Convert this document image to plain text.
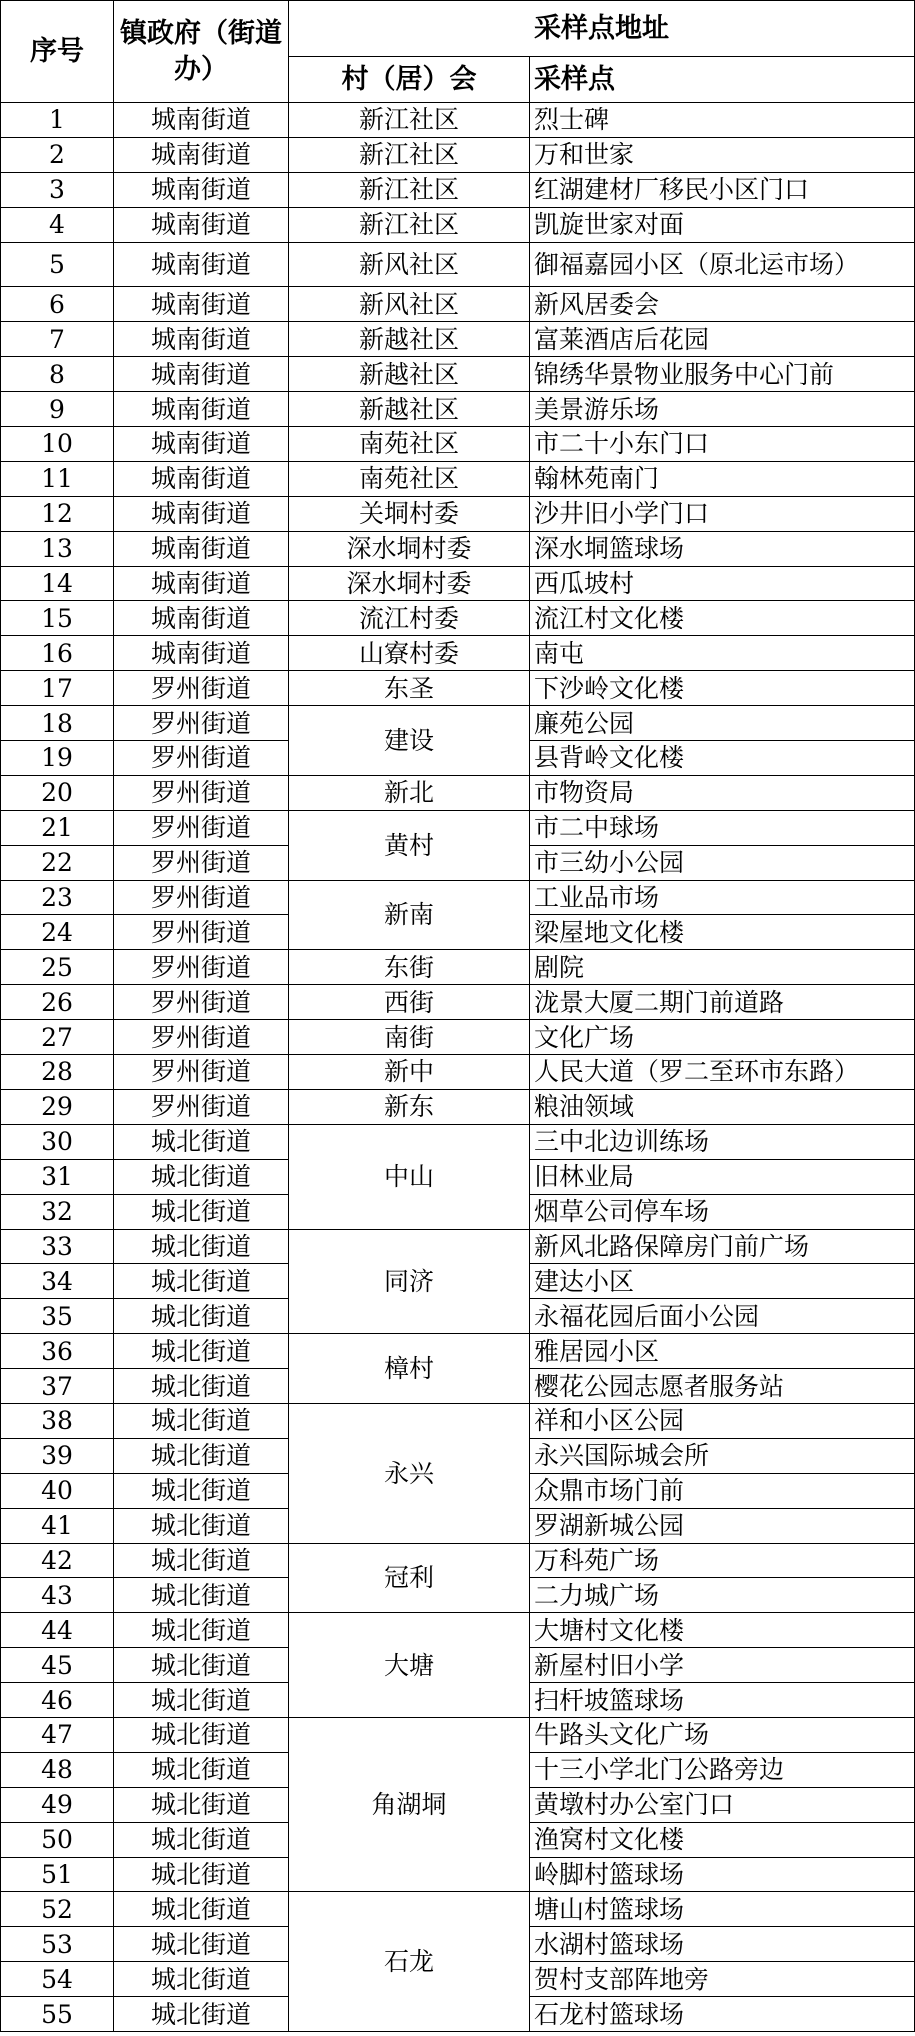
序号	镇政府（街道办）	采样点地址	
		村（居）会	采样点
1	城南街道	新江社区	烈士碑
2	城南街道	新江社区	万和世家
3	城南街道	新江社区	红湖建材厂移民小区门口
4	城南街道	新江社区	凯旋世家对面
5	城南街道	新风社区	御福嘉园小区（原北运市场）
6	城南街道	新风社区	新风居委会
7	城南街道	新越社区	富莱酒店后花园
8	城南街道	新越社区	锦绣华景物业服务中心门前
9	城南街道	新越社区	美景游乐场
10	城南街道	南苑社区	市二十小东门口
11	城南街道	南苑社区	翰林苑南门
12	城南街道	关垌村委	沙井旧小学门口
13	城南街道	深水垌村委	深水垌篮球场
14	城南街道	深水垌村委	西瓜坡村
15	城南街道	流江村委	流江村文化楼
16	城南街道	山寮村委	南屯
17	罗州街道	东圣	下沙岭文化楼
18	罗州街道	建设	廉苑公园
19	罗州街道		县背岭文化楼
20	罗州街道	新北	市物资局
21	罗州街道	黄村	市二中球场
22	罗州街道		市三幼小公园
23	罗州街道	新南	工业品市场
24	罗州街道		梁屋地文化楼
25	罗州街道	东街	剧院
26	罗州街道	西街	泷景大厦二期门前道路
27	罗州街道	南街	文化广场
28	罗州街道	新中	人民大道（罗二至环市东路）
29	罗州街道	新东	粮油领域
30	城北街道	中山	三中北边训练场
31	城北街道		旧林业局
32	城北街道		烟草公司停车场
33	城北街道	同济	新风北路保障房门前广场
34	城北街道		建达小区
35	城北街道		永福花园后面小公园
36	城北街道	樟村	雅居园小区
37	城北街道		樱花公园志愿者服务站
38	城北街道	永兴	祥和小区公园
39	城北街道		永兴国际城会所
40	城北街道		众鼎市场门前
41	城北街道		罗湖新城公园
42	城北街道	冠利	万科苑广场
43	城北街道		二力城广场
44	城北街道	大塘	大塘村文化楼
45	城北街道		新屋村旧小学
46	城北街道		扫杆坡篮球场
47	城北街道	角湖垌	牛路头文化广场
48	城北街道		十三小学北门公路旁边
49	城北街道		黄墩村办公室门口
50	城北街道		渔窝村文化楼
51	城北街道		岭脚村篮球场
52	城北街道	石龙	塘山村篮球场
53	城北街道		水湖村篮球场
54	城北街道		贺村支部阵地旁
55	城北街道		石龙村篮球场
